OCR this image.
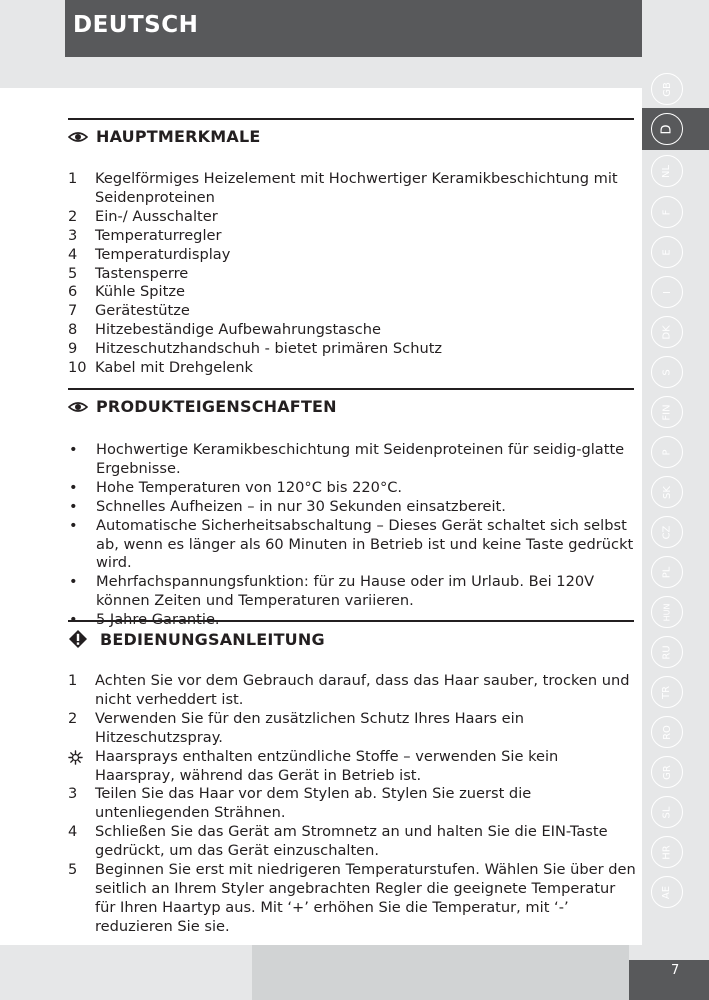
DEUTSCH
GB
D
NL
F
E
I
DK
S
FIN
P
SK
CZ
PL
HUN
RU
TR
RO
GR
SL
HR
AE
HAUPTMERKMALE
1	Kegelförmiges Heizelement mit Hochwertiger Keramikbeschichtung mit Seidenproteinen
2	Ein-/ Ausschalter
3	Temperaturregler
4	Temperaturdisplay
5	Tastensperre
6	Kühle Spitze
7	Gerätestütze
8	Hitzebeständige Aufbewahrungstasche
9	Hitzeschutzhandschuh - bietet primären Schutz
10 Kabel mit Drehgelenk
PRODUKTEIGENSCHAFTEN
•	Hochwertige Keramikbeschichtung mit Seidenproteinen für seidig-glatte Ergebnisse.
•	Hohe Temperaturen von 120°C bis 220°C.
•	Schnelles Aufheizen – in nur 30 Sekunden einsatzbereit.
•	Automatische Sicherheitsabschaltung – Dieses Gerät schaltet sich selbst ab, wenn es länger als 60 Minuten in Betrieb ist und keine Taste gedrückt wird.
•	Mehrfachspannungsfunktion: für zu Hause oder im Urlaub. Bei 120V können Zeiten und Temperaturen variieren.
BEDIENUNGSANLEITUNG
1	Achten Sie vor dem Gebrauch darauf, dass das Haar sauber, trocken und nicht verheddert ist.
2	Verwenden Sie für den zusätzlichen Schutz Ihres Haars ein Hitzeschutzspray.
Haarsprays enthalten entzündliche Stoffe – verwenden Sie kein Haarspray, während das Gerät in Betrieb ist.
3	Teilen Sie das Haar vor dem Stylen ab. Stylen Sie zuerst die untenliegenden Strähnen.
4	Schließen Sie das Gerät am Stromnetz an und halten Sie die EIN-Taste gedrückt, um das Gerät einzuschalten.
5	Beginnen Sie erst mit niedrigeren Temperaturstufen. Wählen Sie über den seitlich an Ihrem Styler angebrachten Regler die geeignete Temperatur für Ihren Haartyp aus. Mit ‘+’ erhöhen Sie die Temperatur, mit ‘-’ reduzieren Sie sie.
7
